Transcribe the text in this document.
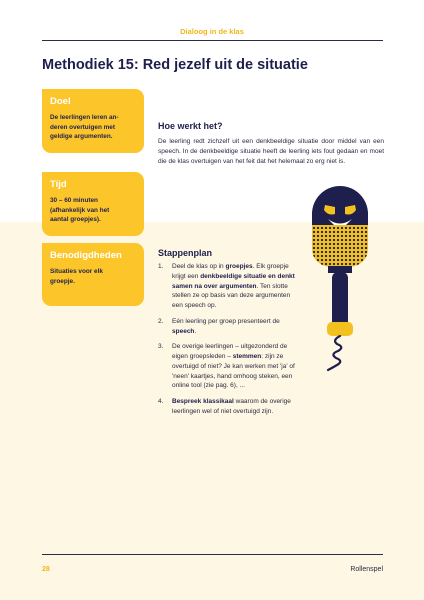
Dialoog in de klas
Methodiek 15: Red jezelf uit de situatie
Doel
De leerlingen leren an-
deren overtuigen met
geldige argumenten.
Tijd
30 – 60 minuten
(afhankelijk van het
aantal groepjes).
Benodigdheden
Situaties voor elk
groepje.
Hoe werkt het?

De leerling redt zichzelf uit een denkbeeldige situatie door middel van een speech. In de denkbeeldige situatie heeft de leerling iets fout gedaan en moet die de klas overtuigen van het feit dat het helemaal zo erg niet is.

Stappenplan
1.	Deel de klas op in groepjes. Elk groepje krijgt een denkbeeldige situatie en denkt samen na over argumenten. Ten slotte stellen ze op basis van deze argumenten een speech op.
2.	Eén leerling per groep presenteert de speech.
3.	De overige leerlingen – uitgezonderd de eigen groepsleden – stemmen: zijn ze overtuigd of niet? Je kan werken met 'ja' of 'neen' kaartjes, hand omhoog steken, een online tool (zie pag. 6), ...
4.	Bespreek klassikaal waarom de overige leerlingen wel of niet overtuigd zijn.
28	Rollenspel
